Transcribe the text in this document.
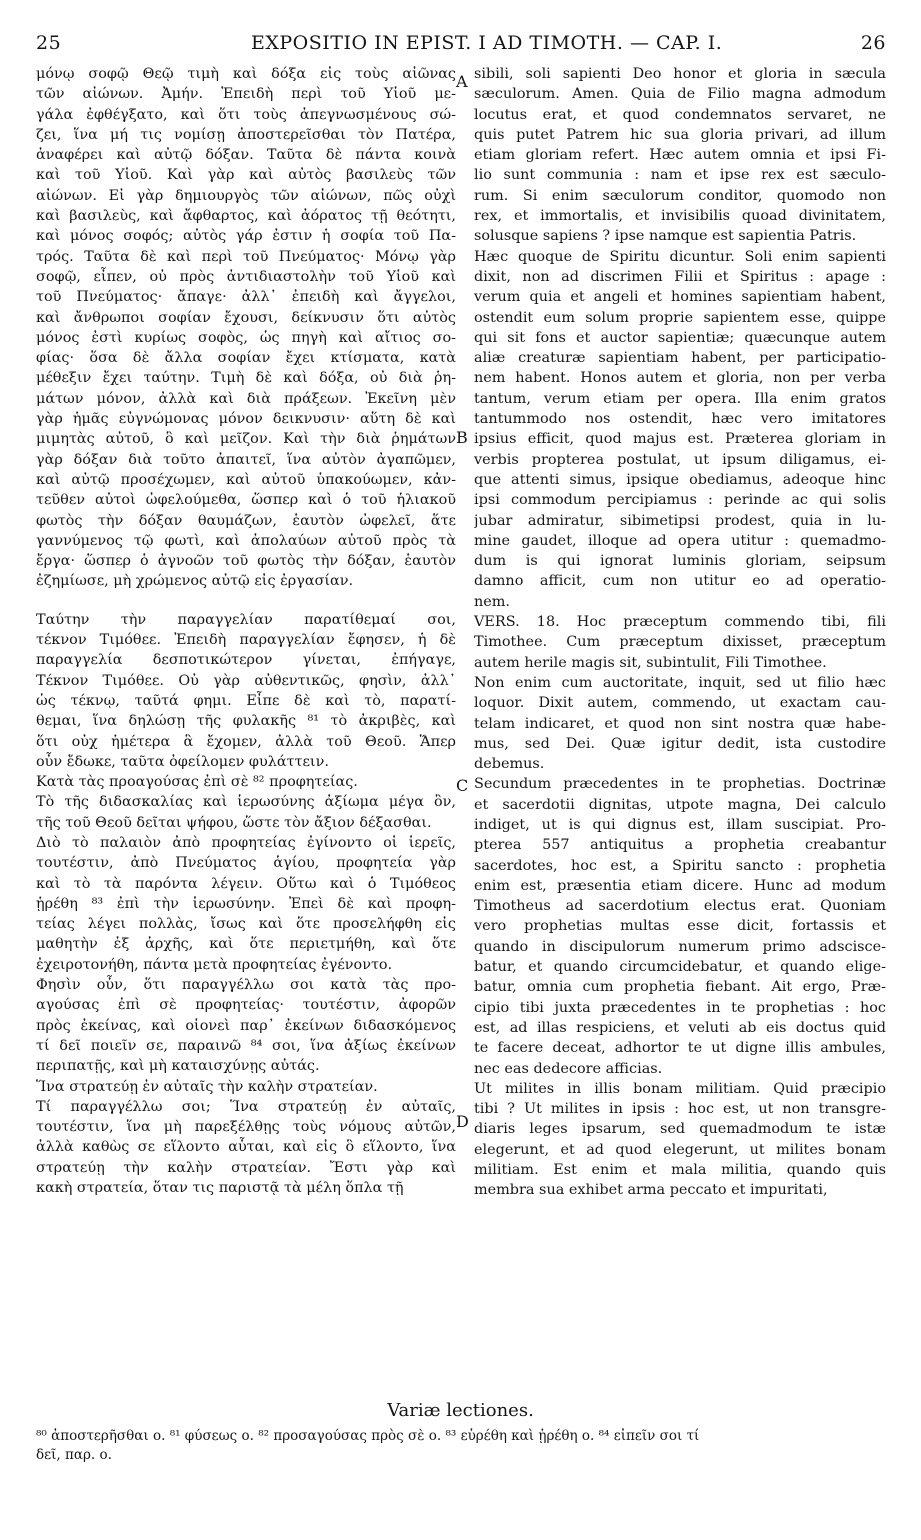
25	EXPOSITIO IN EPIST. I AD TIMOTH. — CAP. I.	26
μόνῳ σοφῷ Θεῷ τιμὴ καὶ δόξα εἰς τοὺς αἰῶνας
τῶν αἰώνων. Ἀμήν. Ἐπειδὴ περὶ τοῦ Υἱοῦ με-
γάλα ἐφθέγξατο, καὶ ὅτι τοὺς ἀπεγνωσμένους σώ-
ζει, ἵνα μή τις νομίσῃ ἀποστερεῖσθαι τὸν Πατέρα,
ἀναφέρει καὶ αὐτῷ δόξαν. Ταῦτα δὲ πάντα κοινὰ
καὶ τοῦ Υἱοῦ. Καὶ γὰρ καὶ αὐτὸς βασιλεὺς τῶν
αἰώνων. Εἰ γὰρ δημιουργὸς τῶν αἰώνων, πῶς οὐχὶ
καὶ βασιλεὺς, καὶ ἄφθαρτος, καὶ ἀόρατος τῇ θεότητι,
καὶ μόνος σοφός; αὐτὸς γάρ ἐστιν ἡ σοφία τοῦ Πα-
τρός. Ταῦτα δὲ καὶ περὶ τοῦ Πνεύματος· Μόνῳ γὰρ
σοφῷ, εἶπεν, οὐ πρὸς ἀντιδιαστολὴν τοῦ Υἱοῦ καὶ
τοῦ Πνεύματος· ἄπαγε· ἀλλ᾽ ἐπειδὴ καὶ ἄγγελοι,
καὶ ἄνθρωποι σοφίαν ἔχουσι, δείκνυσιν ὅτι αὐτὸς
μόνος ἐστὶ κυρίως σοφὸς, ὡς πηγὴ καὶ αἴτιος σο-
φίας· ὅσα δὲ ἄλλα σοφίαν ἔχει κτίσματα, κατὰ
μέθεξιν ἔχει ταύτην. Τιμὴ δὲ καὶ δόξα, οὐ διὰ ῥη-
μάτων μόνον, ἀλλὰ καὶ διὰ πράξεων. Ἐκεῖνη μὲν
γὰρ ἡμᾶς εὐγνώμονας μόνον δεικνυσιν· αὕτη δὲ καὶ
μιμητὰς αὐτοῦ, ὃ καὶ μεῖζον. Καὶ τὴν διὰ ῥημάτων
γὰρ δόξαν διὰ τοῦτο ἀπαιτεῖ, ἵνα αὐτὸν ἀγαπῶμεν,
καὶ αὐτῷ προσέχωμεν, καὶ αὐτοῦ ὑπακούωμεν, κἀν-
τεῦθεν αὐτοὶ ὠφελούμεθα, ὥσπερ καὶ ὁ τοῦ ἡλιακοῦ
φωτὸς τὴν δόξαν θαυμάζων, ἑαυτὸν ὠφελεῖ, ἅτε
γαννύμενος τῷ φωτὶ, καὶ ἀπολαύων αὐτοῦ πρὸς τὰ
ἔργα· ὥσπερ ὁ ἀγνοῶν τοῦ φωτὸς τὴν δόξαν, ἑαυτὸν
ἐζημίωσε, μὴ χρώμενος αὐτῷ εἰς ἐργασίαν.
Ταύτην τὴν παραγγελίαν παρατίθεμαί σοι,
τέκνον Τιμόθεε. Ἐπειδὴ παραγγελίαν ἔφησεν, ἡ δὲ
παραγγελία δεσποτικώτερον γίνεται, ἐπήγαγε,
Τέκνον Τιμόθεε. Οὐ γὰρ αὐθεντικῶς, φησὶν, ἀλλ᾽
ὡς τέκνῳ, ταῦτά φημι. Εἶπε δὲ καὶ τὸ, παρατί-
θεμαι, ἵνα δηλώσῃ τῆς φυλακῆς ⁸¹ τὸ ἀκριβὲς, καὶ
ὅτι οὐχ ἡμέτερα ἃ ἔχομεν, ἀλλὰ τοῦ Θεοῦ. Ἅπερ
οὖν ἔδωκε, ταῦτα ὀφείλομεν φυλάττειν.
Κατὰ τὰς προαγούσας ἐπὶ σὲ ⁸² προφητείας.
Τὸ τῆς διδασκαλίας καὶ ἱερωσύνης ἀξίωμα μέγα ὂν,
τῆς τοῦ Θεοῦ δεῖται ψήφου, ὥστε τὸν ἄξιον δέξασθαι.
Διὸ τὸ παλαιὸν ἀπὸ προφητείας ἐγίνοντο οἱ ἱερεῖς,
τουτέστιν, ἀπὸ Πνεύματος ἁγίου, προφητεία γὰρ
καὶ τὸ τὰ παρόντα λέγειν. Οὕτω καὶ ὁ Τιμόθεος
ᾑρέθη ⁸³ ἐπὶ τὴν ἱερωσύνην. Ἐπεὶ δὲ καὶ προφη-
τείας λέγει πολλὰς, ἴσως καὶ ὅτε προσελήφθη εἰς
μαθητὴν ἐξ ἀρχῆς, καὶ ὅτε περιετμήθη, καὶ ὅτε
ἐχειροτονήθη, πάντα μετὰ προφητείας ἐγένοντο.
Φησὶν οὖν, ὅτι παραγγέλλω σοι κατὰ τὰς προ-
αγούσας ἐπὶ σὲ προφητείας· τουτέστιν, ἀφορῶν
πρὸς ἐκείνας, καὶ οἱονεὶ παρ᾽ ἐκείνων διδασκόμενος
τί δεῖ ποιεῖν σε, παραινῶ ⁸⁴ σοι, ἵνα ἀξίως ἐκείνων
περιπατῇς, καὶ μὴ καταισχύνῃς αὐτάς.
Ἵνα στρατεύῃ ἐν αὐταῖς τὴν καλὴν στρατείαν.
Τί παραγγέλλω σοι; Ἵνα στρατεύῃ ἐν αὐταῖς,
τουτέστιν, ἵνα μὴ παρεξέλθῃς τοὺς νόμους αὐτῶν,
ἀλλὰ καθὼς σε εἵλοντο αὗται, καὶ εἰς ὃ εἵλοντο, ἵνα
στρατεύῃ τὴν καλὴν στρατείαν. Ἔστι γὰρ καὶ
κακὴ στρατεία, ὅταν τις παριστᾷ τὰ μέλη ὅπλα τῇ
sibili, soli sapienti Deo honor et gloria in sæcula
sæculorum. Amen. Quia de Filio magna admodum
locutus erat, et quod condemnatos servaret, ne
quis putet Patrem hic sua gloria privari, ad illum
etiam gloriam refert. Hæc autem omnia et ipsi Fi-
lio sunt communia : nam et ipse rex est sæculo-
rum. Si enim sæculorum conditor, quomodo non
rex, et immortalis, et invisibilis quoad divinitatem,
solusque sapiens ? ipse namque est sapientia Patris.
Hæc quoque de Spiritu dicuntur. Soli enim sapienti
dixit, non ad discrimen Filii et Spiritus : apage :
verum quia et angeli et homines sapientiam habent,
ostendit eum solum proprie sapientem esse, quippe
qui sit fons et auctor sapientiæ; quæcunque autem
aliæ creaturæ sapientiam habent, per participatio-
nem habent. Honos autem et gloria, non per verba
tantum, verum etiam per opera. Illa enim gratos
tantummodo nos ostendit, hæc vero imitatores
ipsius efficit, quod majus est. Præterea gloriam in
verbis propterea postulat, ut ipsum diligamus, ei-
que attenti simus, ipsique obediamus, adeoque hinc
ipsi commodum percipiamus : perinde ac qui solis
jubar admiratur, sibimetipsi prodest, quia in lu-
mine gaudet, illoque ad opera utitur : quemadmo-
dum is qui ignorat luminis gloriam, seipsum
damno afficit, cum non utitur eo ad operatio-
nem.
VERS. 18. Hoc præceptum commendo tibi, fili
Timothee. Cum præceptum dixisset, præceptum
autem herile magis sit, subintulit, Fili Timothee.
Non enim cum auctoritate, inquit, sed ut filio hæc
loquor. Dixit autem, commendo, ut exactam cau-
telam indicaret, et quod non sint nostra quæ habe-
mus, sed Dei. Quæ igitur dedit, ista custodire
debemus.
Secundum præcedentes in te prophetias. Doctrinæ
et sacerdotii dignitas, utpote magna, Dei calculo
indiget, ut is qui dignus est, illam suscipiat. Pro-
pterea 557 antiquitus a prophetia creabantur
sacerdotes, hoc est, a Spiritu sancto : prophetia
enim est, præsentia etiam dicere. Hunc ad modum
Timotheus ad sacerdotium electus erat. Quoniam
vero prophetias multas esse dicit, fortassis et
quando in discipulorum numerum primo adsciscе-
batur, et quando circumcidebatur, et quando elige-
batur, omnia cum prophetia fiebant. Ait ergo, Præ-
cipio tibi juxta præcedentes in te prophetias : hoc
est, ad illas respiciens, et veluti ab eis doctus quid
te facere deceat, adhortor te ut digne illis ambules,
nec eas dedecore afficias.
Ut milites in illis bonam militiam. Quid præcipio
tibi ? Ut milites in ipsis : hoc est, ut non transgre-
diaris leges ipsarum, sed quemadmodum te istæ
elegerunt, et ad quod elegerunt, ut milites bonam
militiam. Est enim et mala militia, quando quis
membra sua exhibet arma peccato et impuritati,
A
B
C
D
Variæ lectiones.
⁸⁰ ἀποστερῆσθαι ο. ⁸¹ φύσεως ο. ⁸² προσαγούσας πρὸς σὲ ο. ⁸³ εὑρέθη καὶ ᾑρέθη ο. ⁸⁴ εἰπεῖν σοι τί
δεῖ, παρ. ο.
